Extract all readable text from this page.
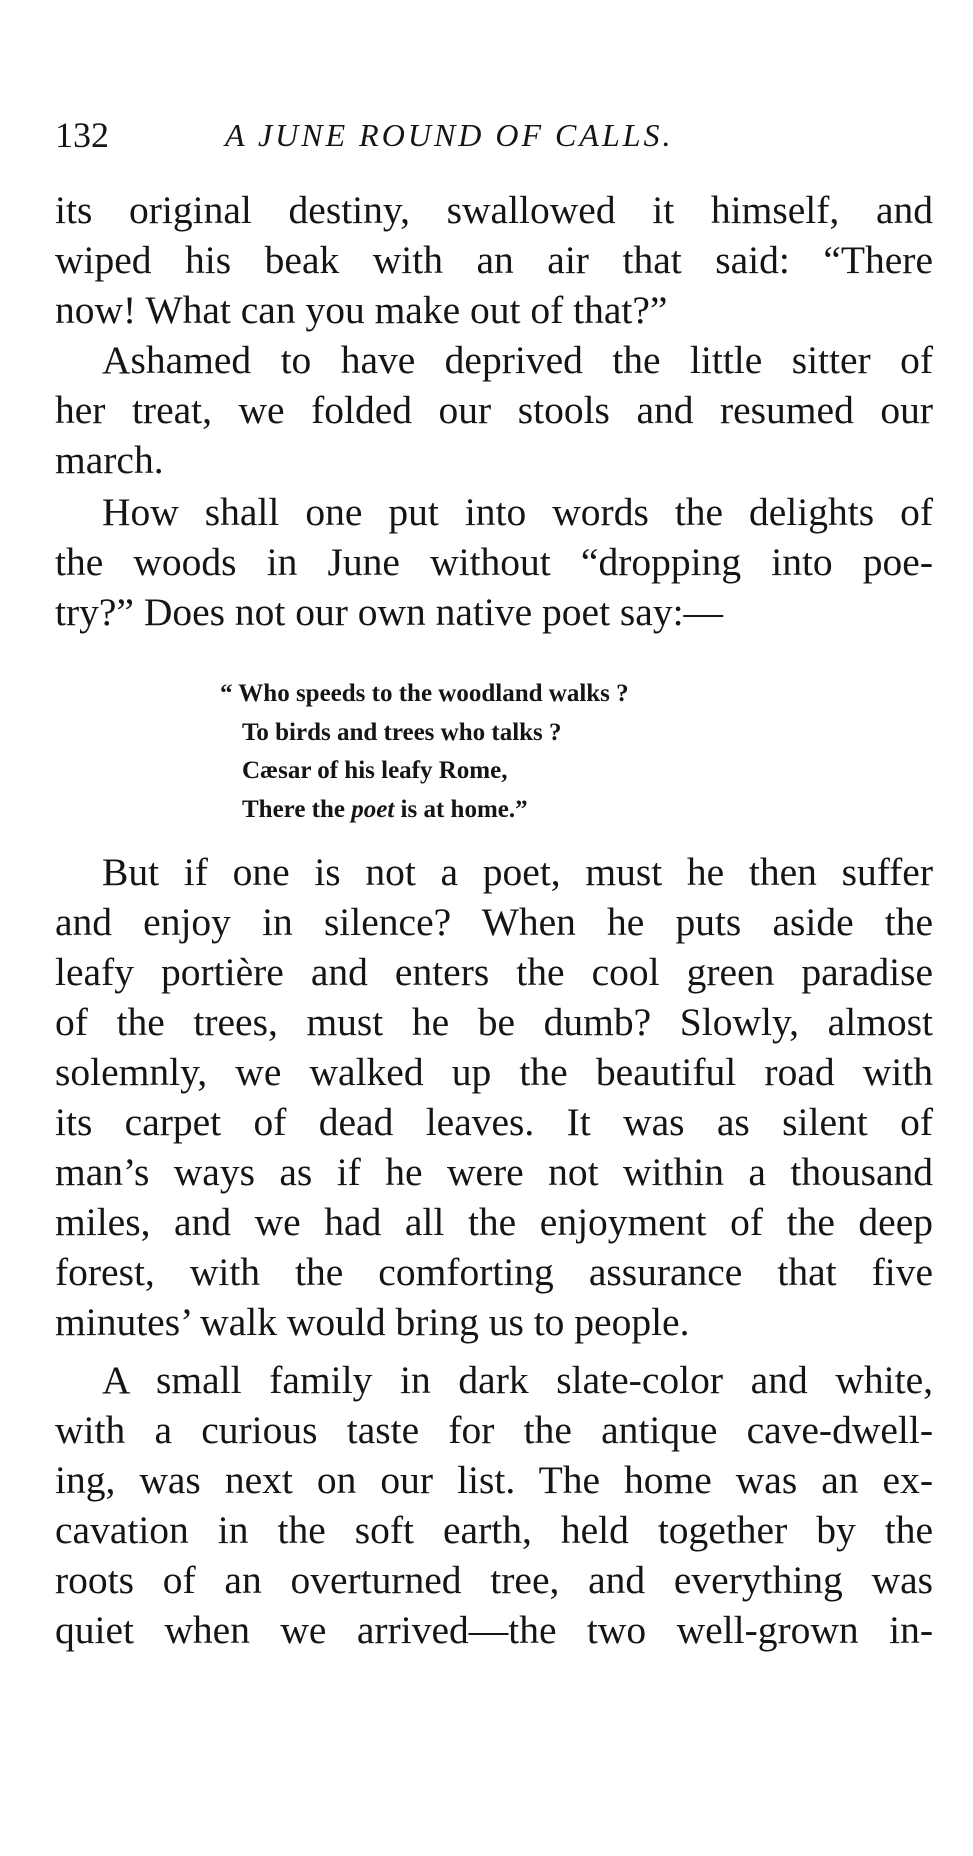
132	A JUNE ROUND OF CALLS.
its original destiny, swallowed it himself, and
wiped his beak with an air that said: “There
now! What can you make out of that?”
Ashamed to have deprived the little sitter of
her treat, we folded our stools and resumed our
march.
How shall one put into words the delights of
the woods in June without “dropping into poe-
try?” Does not our own native poet say:—
“ Who speeds to the woodland walks ?
To birds and trees who talks ?
Cæsar of his leafy Rome,
There the poet is at home.”
But if one is not a poet, must he then suffer
and enjoy in silence? When he puts aside the
leafy portière and enters the cool green paradise
of the trees, must he be dumb? Slowly, almost
solemnly, we walked up the beautiful road with
its carpet of dead leaves. It was as silent of
man’s ways as if he were not within a thousand
miles, and we had all the enjoyment of the deep
forest, with the comforting assurance that five
minutes’ walk would bring us to people.
A small family in dark slate-color and white,
with a curious taste for the antique cave-dwell-
ing, was next on our list. The home was an ex-
cavation in the soft earth, held together by the
roots of an overturned tree, and everything was
quiet when we arrived—the two well-grown in-
